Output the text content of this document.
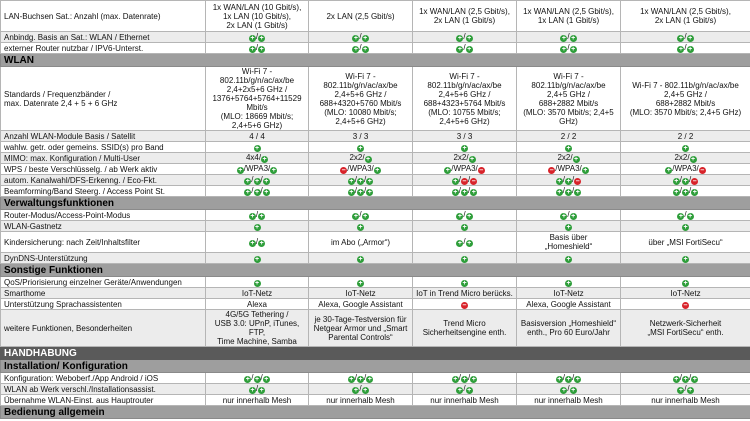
LAN-Buchsen Sat.: Anzahl (max. Datenrate)	1x WAN/LAN (10 Gbit/s),
1x LAN (10 Gbit/s),
2x LAN (1 Gbit/s)	2x LAN (2,5 Gbit/s)	1x WAN/LAN (2,5 Gbit/s),
2x LAN (1 Gbit/s)	1x WAN/LAN (2,5 Gbit/s),
1x LAN (1 Gbit/s)	1x WAN/LAN (2,5 Gbit/s),
2x LAN (1 Gbit/s)
Anbindg. Basis an Sat.: WLAN / Ethernet	+/+	+/+	+/+	+/+	+/+
externer Router nutzbar / IPV6-Unterst.	+/+	+/+	+/+	+/+	+/+
WLAN					
Standards / Frequenzbänder /
max. Datenrate 2,4 + 5 + 6 GHz	Wi-Fi 7 - 802.11b/g/n/ac/ax/be
2,4+2x5+6 GHz /
1376+5764+5764+11529 Mbit/s
(MLO: 18669 Mbit/s; 2,4+5+6 GHz)	Wi-Fi 7 - 802.11b/g/n/ac/ax/be
2,4+5+6 GHz /
688+4320+5760 Mbit/s
(MLO: 10080 Mbit/s; 2,4+5+6 GHz)	Wi-Fi 7 - 802.11b/g/n/ac/ax/be
2,4+5+6 GHz /
688+4323+5764 Mbit/s
(MLO: 10755 Mbit/s; 2,4+5+6 GHz)	Wi-Fi 7 - 802.11b/g/n/ac/ax/be
2,4+5 GHz /
688+2882 Mbit/s
(MLO: 3570 Mbit/s; 2,4+5 GHz)	Wi-Fi 7 - 802.11b/g/n/ac/ax/be
2,4+5 GHz /
688+2882 Mbit/s
(MLO: 3570 Mbit/s; 2,4+5 GHz)
Anzahl WLAN-Module Basis / Satellit	4 / 4	3 / 3	3 / 3	2 / 2	2 / 2
wahlw. getr. oder gemeins. SSID(s) pro Band	+	+	+	+	+
MIMO: max. Konfiguration / Multi-User	4x4/+	2x2/+	2x2/+	2x2/+	2x2/+
WPS / beste Verschlüsselg. / ab Werk aktiv	+/WPA3/+	– /WPA3/+	+/WPA3/ –	– /WPA3/+	+/WPA3/ –
autom. Kanalwahl/DFS-Erkenng. / Eco-Fkt.	+/+/+	+/+/+	+/ – / –	+/+/ –	+/+/ –
Beamforming/Band Steerg. / Access Point St.	+/+/+	+/+/+	+/+/+	+/+/+	+/+/+
Verwaltungsfunktionen					
Router-Modus/Access-Point-Modus	+/+	+/+	+/+	+/+	+/+
WLAN-Gastnetz	+	+	+	+	+
Kindersicherung: nach Zeit/Inhaltsfilter	+/+	im Abo („Armor“)	+/+	Basis über
„Homeshield“	über „MSI FortiSecu“
DynDNS-Unterstützung	+	+	+	+	+
Sonstige Funktionen					
QoS/Priorisierung einzelner Geräte/Anwendungen	+	+	+	+	+
Smarthome	IoT-Netz	IoT-Netz	IoT in Trend Micro berücks.	IoT-Netz	IoT-Netz
Unterstützung Sprachassistenten	Alexa	Alexa, Google Assistant	–	Alexa, Google Assistant	–
weitere Funktionen, Besonderheiten	4G/5G Tethering /
USB 3.0: UPnP, iTunes, FTP,
Time Machine, Samba	je 30-Tage-Testversion für
Netgear Armor und „Smart
Parental Controls“	Trend Micro
Sicherheitsengine enth.	Basisversion „Homeshield“
enth., Pro 60 Euro/Jahr	Netzwerk-Sicherheit
„MSI FortiSecu“ enth.
HANDHABUNG					
Installation/ Konfiguration					
Konfiguration: Weboberf./App Android / iOS	+/+/+	+/+/+	+/+/+	+/+/+	+/+/+
WLAN ab Werk verschl./Installationsassist.	+/+	+/+	+/+	+/+	+/+
Übernahme WLAN-Einst. aus Hauptrouter	nur innerhalb Mesh	nur innerhalb Mesh	nur innerhalb Mesh	nur innerhalb Mesh	nur innerhalb Mesh
Bedienung allgemein					
